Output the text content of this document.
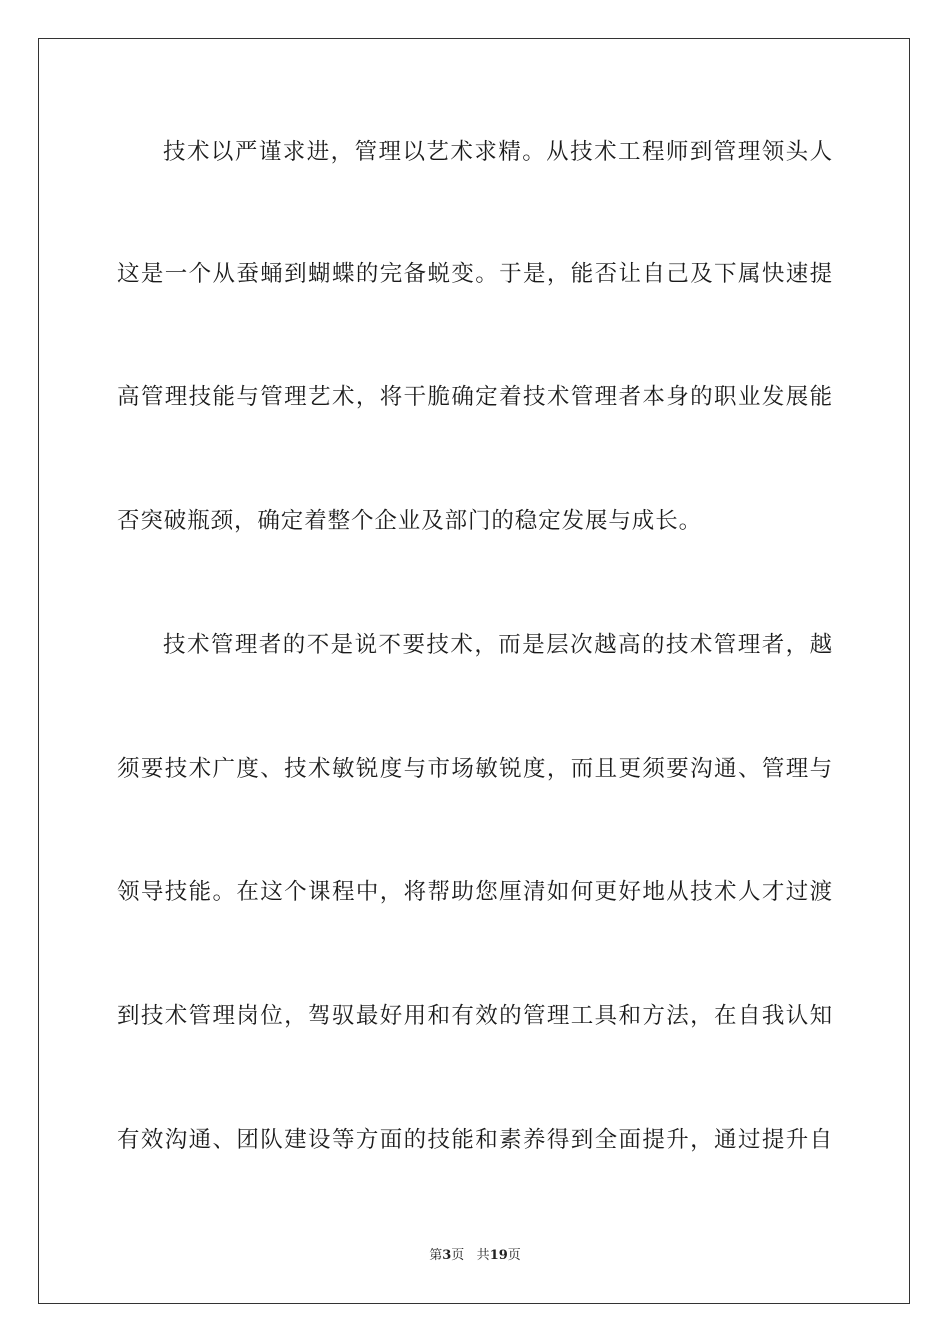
技术以严谨求进，管理以艺术求精。从技术工程师到管理领头人
这是一个从蚕蛹到蝴蝶的完备蜕变。于是，能否让自己及下属快速提
高管理技能与管理艺术，将干脆确定着技术管理者本身的职业发展能
否突破瓶颈，确定着整个企业及部门的稳定发展与成长。
技术管理者的不是说不要技术，而是层次越高的技术管理者，越
须要技术广度、技术敏锐度与市场敏锐度，而且更须要沟通、管理与
领导技能。在这个课程中，将帮助您厘清如何更好地从技术人才过渡
到技术管理岗位，驾驭最好用和有效的管理工具和方法，在自我认知
有效沟通、团队建设等方面的技能和素养得到全面提升，通过提升自
第3页 共19页
